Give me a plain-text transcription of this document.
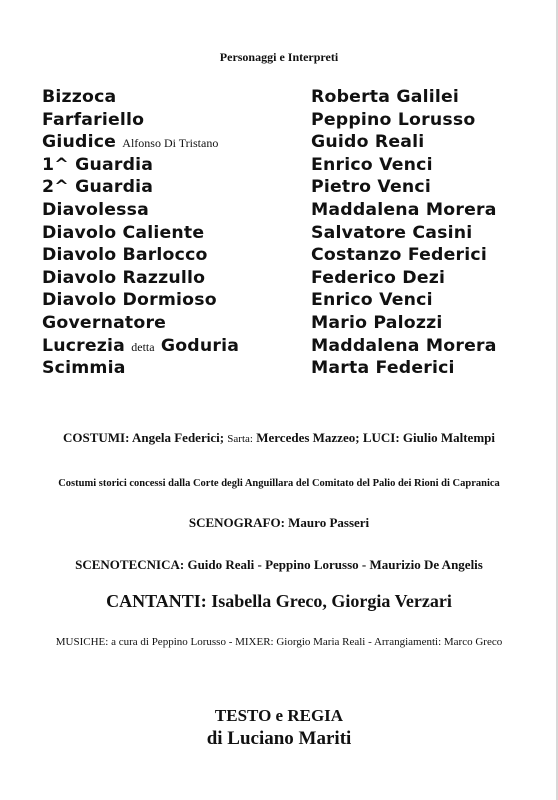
Personaggi e Interpreti
Bizzoca
Farfariello
Giudice Alfonso Di Tristano
1^ Guardia
2^ Guardia
Diavolessa
Diavolo Caliente
Diavolo Barlocco
Diavolo Razzullo
Diavolo Dormioso
Governatore
Lucrezia detta Goduria
Scimmia
Roberta Galilei
Peppino Lorusso
Guido Reali
Enrico Venci
Pietro Venci
Maddalena Morera
Salvatore Casini
Costanzo Federici
Federico Dezi
Enrico Venci
Mario Palozzi
Maddalena Morera
Marta Federici
COSTUMI: Angela Federici; Sarta: Mercedes Mazzeo; LUCI: Giulio Maltempi
Costumi storici concessi dalla Corte degli Anguillara del Comitato del Palio dei Rioni di Capranica
SCENOGRAFO: Mauro Passeri
SCENOTECNICA: Guido Reali - Peppino Lorusso - Maurizio De Angelis
CANTANTI: Isabella Greco, Giorgia Verzari
MUSICHE: a cura di Peppino Lorusso - MIXER: Giorgio Maria Reali - Arrangiamenti: Marco Greco
TESTO e REGIA
di Luciano Mariti
